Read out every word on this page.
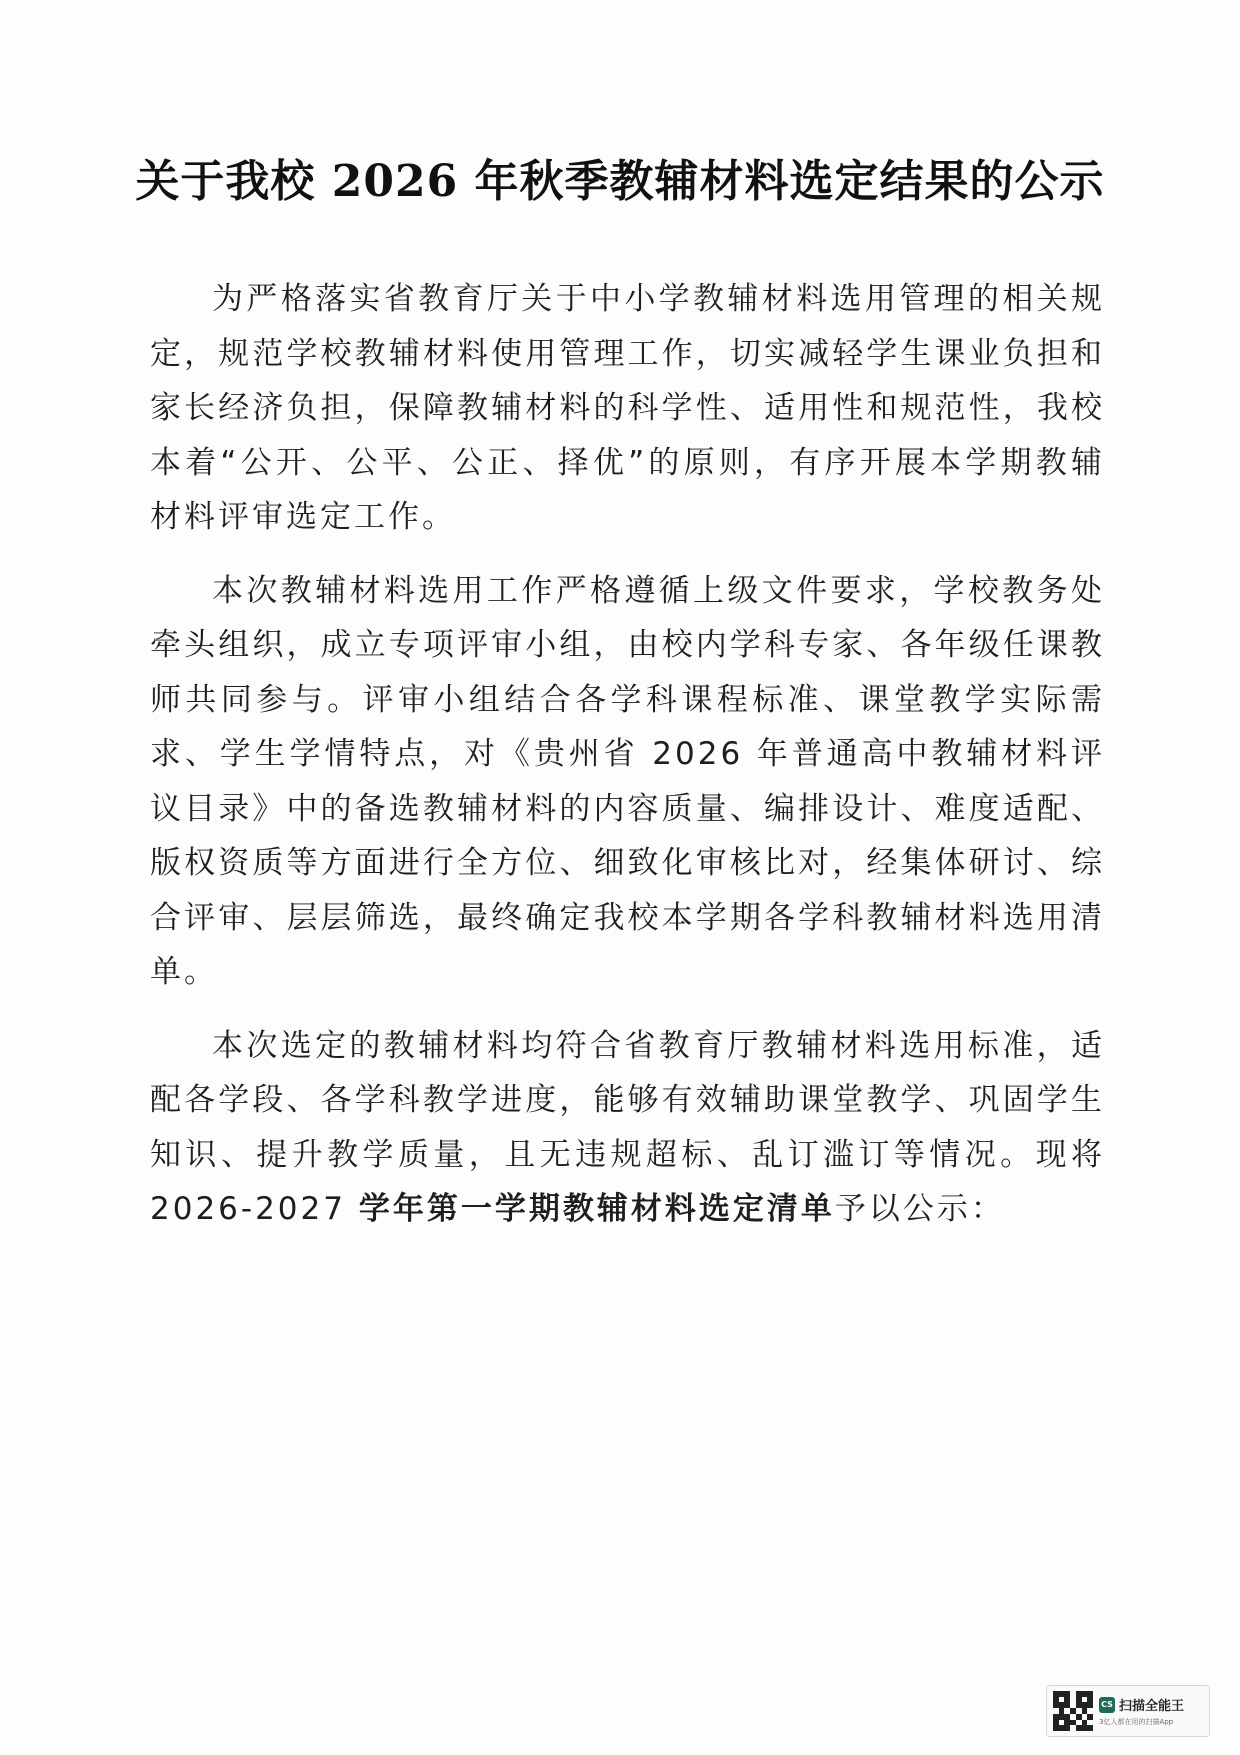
关于我校 2026 年秋季教辅材料选定结果的公示

为严格落实省教育厅关于中小学教辅材料选用管理的相关规定，规范学校教辅材料使用管理工作，切实减轻学生课业负担和家长经济负担，保障教辅材料的科学性、适用性和规范性，我校本着“公开、公平、公正、择优”的原则，有序开展本学期教辅材料评审选定工作。

本次教辅材料选用工作严格遵循上级文件要求，学校教务处牵头组织，成立专项评审小组，由校内学科专家、各年级任课教师共同参与。评审小组结合各学科课程标准、课堂教学实际需求、学生学情特点，对《贵州省 2026 年普通高中教辅材料评议目录》中的备选教辅材料的内容质量、编排设计、难度适配、版权资质等方面进行全方位、细致化审核比对，经集体研讨、综合评审、层层筛选，最终确定我校本学期各学科教辅材料选用清单。

本次选定的教辅材料均符合省教育厅教辅材料选用标准，适配各学段、各学科教学进度，能够有效辅助课堂教学、巩固学生知识、提升教学质量，且无违规超标、乱订滥订等情况。现将 2026-2027 学年第一学期教辅材料选定清单予以公示：

CS 扫描全能王
3亿人都在用的扫描App
